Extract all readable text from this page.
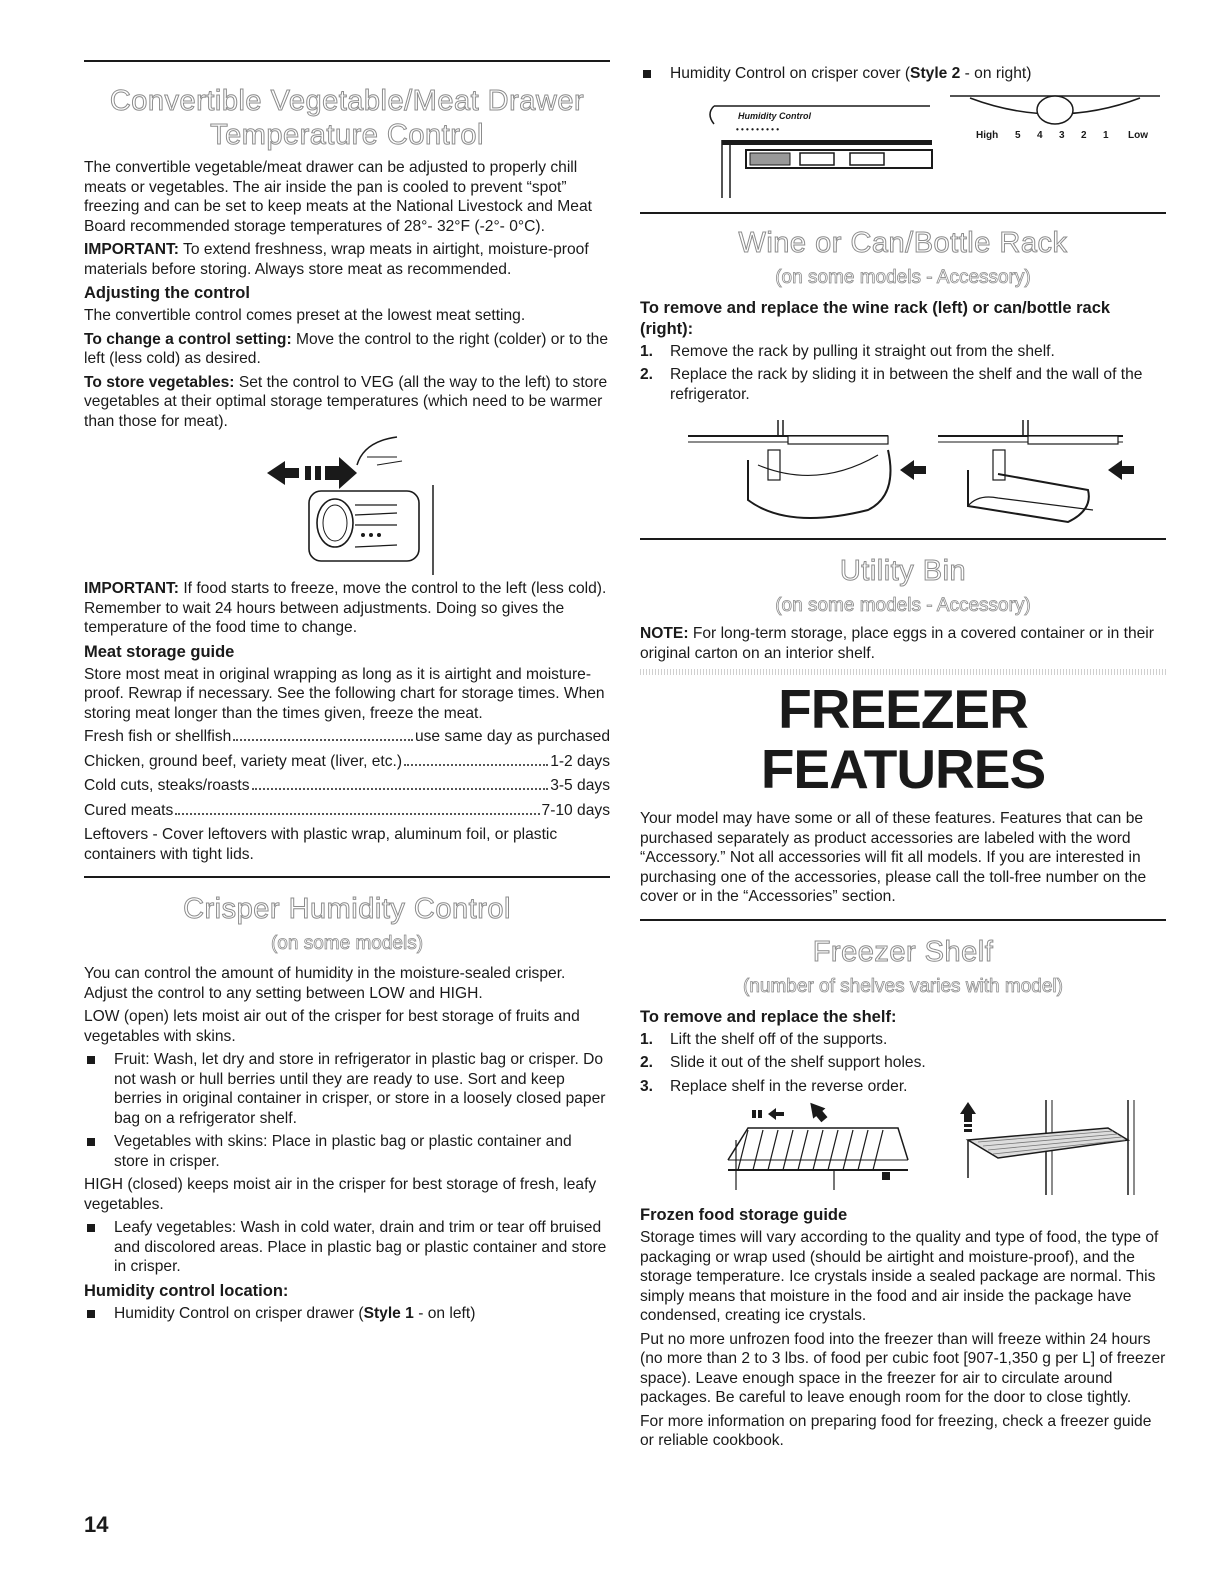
Convertible Vegetable/Meat Drawer
Temperature Control

The convertible vegetable/meat drawer can be adjusted to properly chill meats or vegetables. The air inside the pan is cooled to prevent “spot” freezing and can be set to keep meats at the National Livestock and Meat Board recommended storage temperatures of 28°- 32°F (-2°- 0°C).

IMPORTANT: To extend freshness, wrap meats in airtight, moisture-proof materials before storing. Always store meat as recommended.

Adjusting the control

The convertible control comes preset at the lowest meat setting.

To change a control setting: Move the control to the right (colder) or to the left (less cold) as desired.

To store vegetables: Set the control to VEG (all the way to the left) to store vegetables at their optimal storage temperatures (which need to be warmer than those for meat).

IMPORTANT: If food starts to freeze, move the control to the left (less cold). Remember to wait 24 hours between adjustments. Doing so gives the temperature of the food time to change.

Meat storage guide

Store most meat in original wrapping as long as it is airtight and moisture-proof. Rewrap if necessary. See the following chart for storage times. When storing meat longer than the times given, freeze the meat.

Fresh fish or shellfish	use same day as purchased
Chicken, ground beef, variety meat (liver, etc.)	1-2 days
Cold cuts, steaks/roasts	3-5 days
Cured meats	7-10 days

Leftovers - Cover leftovers with plastic wrap, aluminum foil, or plastic containers with tight lids.

Crisper Humidity Control
(on some models)

You can control the amount of humidity in the moisture-sealed crisper. Adjust the control to any setting between LOW and HIGH.

LOW (open) lets moist air out of the crisper for best storage of fruits and vegetables with skins.

Fruit: Wash, let dry and store in refrigerator in plastic bag or crisper. Do not wash or hull berries until they are ready to use. Sort and keep berries in original container in crisper, or store in a loosely closed paper bag on a refrigerator shelf.
Vegetables with skins: Place in plastic bag or plastic container and store in crisper.

HIGH (closed) keeps moist air in the crisper for best storage of fresh, leafy vegetables.

Leafy vegetables: Wash in cold water, drain and trim or tear off bruised and discolored areas. Place in plastic bag or plastic container and store in crisper.
Humidity control location:
Humidity Control on crisper drawer (Style 1 - on left)
14
Humidity Control on crisper cover (Style 2 - on right)
Humidity Control
• • • • • • • • •
High 5 4 3 2 1 Low
Wine or Can/Bottle Rack
(on some models - Accessory)
To remove and replace the wine rack (left) or can/bottle rack (right):
1. Remove the rack by pulling it straight out from the shelf.
2. Replace the rack by sliding it in between the shelf and the wall of the refrigerator.
Utility Bin
(on some models - Accessory)

NOTE: For long-term storage, place eggs in a covered container or in their original carton on an interior shelf.

FREEZER FEATURES

Your model may have some or all of these features. Features that can be purchased separately as product accessories are labeled with the word “Accessory.” Not all accessories will fit all models. If you are interested in purchasing one of the accessories, please call the toll-free number on the cover or in the “Accessories” section.

Freezer Shelf
(number of shelves varies with model)
To remove and replace the shelf:
1. Lift the shelf off of the supports.
2. Slide it out of the shelf support holes.
3. Replace shelf in the reverse order.
Frozen food storage guide

Storage times will vary according to the quality and type of food, the type of packaging or wrap used (should be airtight and moisture-proof), and the storage temperature. Ice crystals inside a sealed package are normal. This simply means that moisture in the food and air inside the package have condensed, creating ice crystals.

Put no more unfrozen food into the freezer than will freeze within 24 hours (no more than 2 to 3 lbs. of food per cubic foot [907-1,350 g per L] of freezer space). Leave enough space in the freezer for air to circulate around packages. Be careful to leave enough room for the door to close tightly.

For more information on preparing food for freezing, check a freezer guide or reliable cookbook.
